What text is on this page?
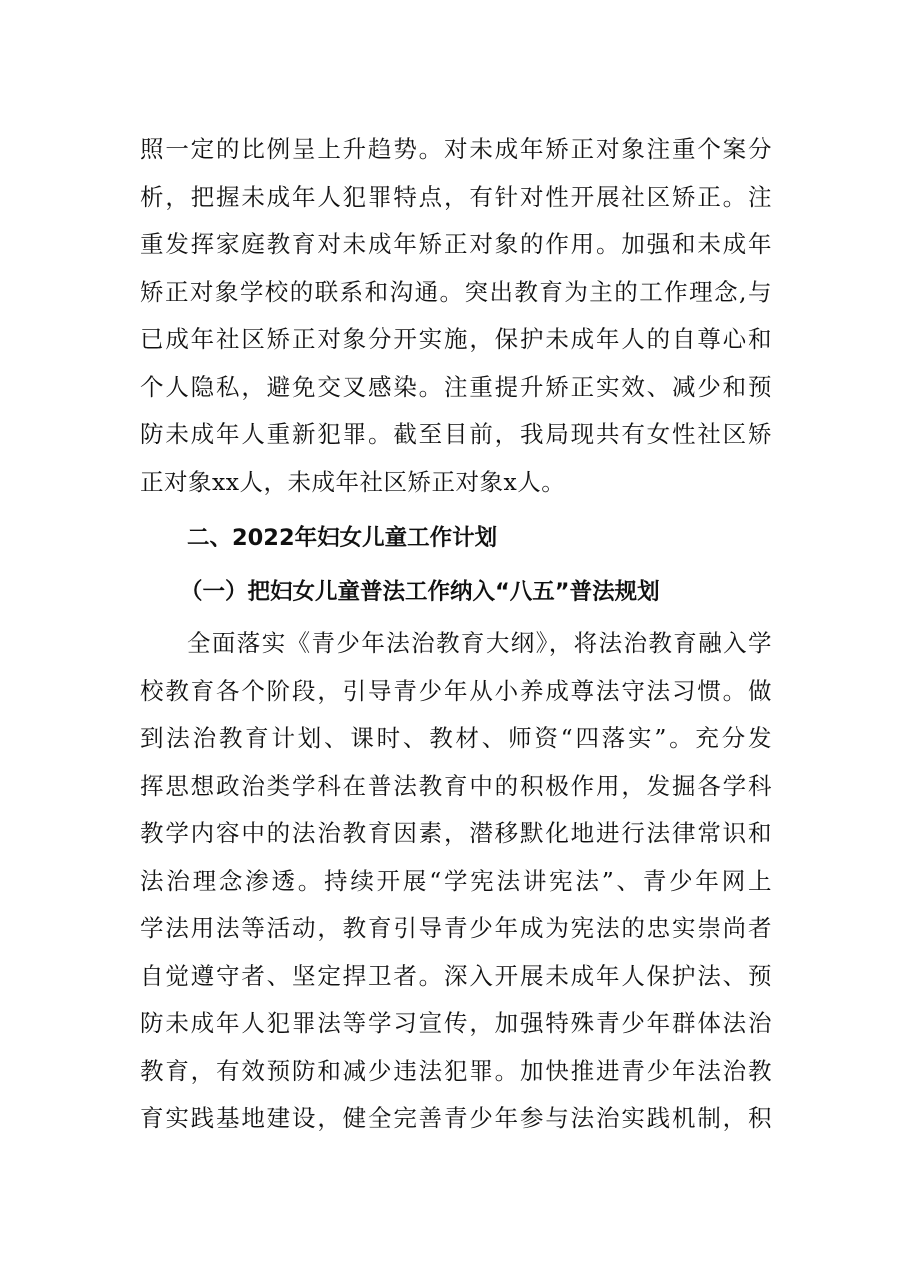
照一定的比例呈上升趋势。对未成年矫正对象注重个案分
析，把握未成年人犯罪特点，有针对性开展社区矫正。注
重发挥家庭教育对未成年矫正对象的作用。加强和未成年
矫正对象学校的联系和沟通。突出教育为主的工作理念,与
已成年社区矫正对象分开实施，保护未成年人的自尊心和
个人隐私，避免交叉感染。注重提升矫正实效、减少和预
防未成年人重新犯罪。截至目前，我局现共有女性社区矫
正对象xx人，未成年社区矫正对象x人。
二、2022年妇女儿童工作计划
（一）把妇女儿童普法工作纳入“八五”普法规划
全面落实《青少年法治教育大纲》，将法治教育融入学
校教育各个阶段，引导青少年从小养成尊法守法习惯。做
到法治教育计划、课时、教材、师资“四落实”。充分发
挥思想政治类学科在普法教育中的积极作用，发掘各学科
教学内容中的法治教育因素，潜移默化地进行法律常识和
法治理念渗透。持续开展“学宪法讲宪法”、青少年网上
学法用法等活动，教育引导青少年成为宪法的忠实崇尚者
自觉遵守者、坚定捍卫者。深入开展未成年人保护法、预
防未成年人犯罪法等学习宣传，加强特殊青少年群体法治
教育，有效预防和减少违法犯罪。加快推进青少年法治教
育实践基地建设，健全完善青少年参与法治实践机制，积
